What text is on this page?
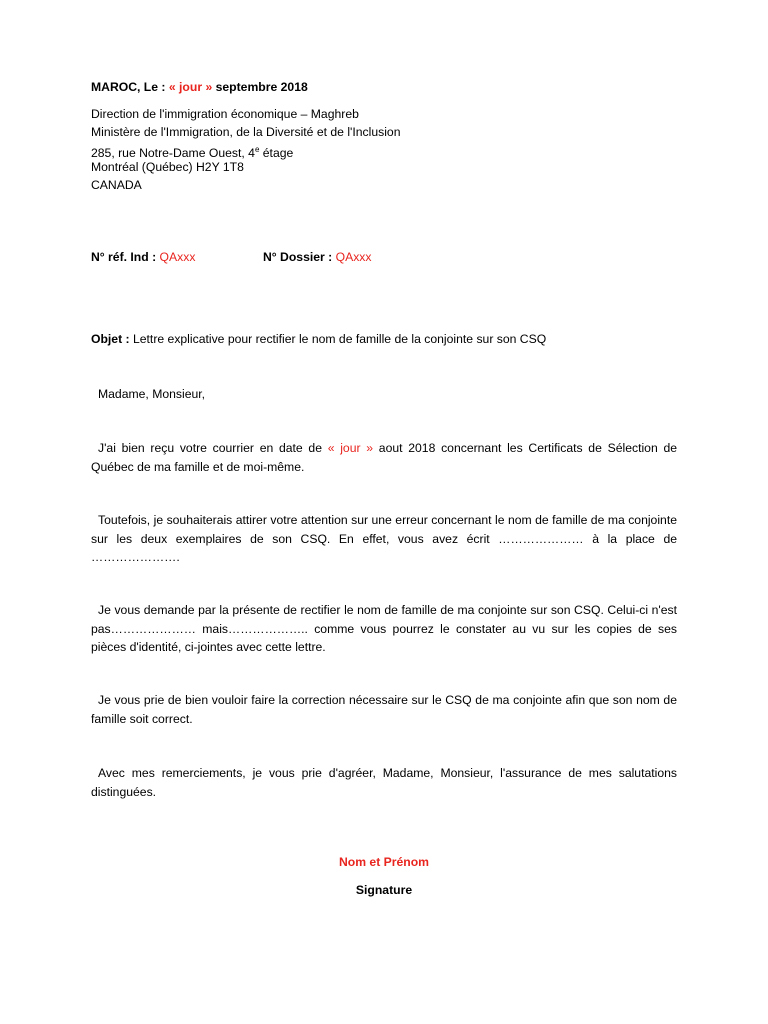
MAROC, Le : « jour » septembre 2018
Direction de l'immigration économique – Maghreb
Ministère de l'Immigration, de la Diversité et de l'Inclusion
285, rue Notre-Dame Ouest, 4e étage
Montréal (Québec) H2Y 1T8
CANADA
N° réf. Ind : QAxxx	N° Dossier : QAxxx
Objet : Lettre explicative pour rectifier le nom de famille de la conjointe sur son CSQ
Madame, Monsieur,
J'ai bien reçu votre courrier en date de « jour » aout 2018 concernant les Certificats de Sélection de Québec de ma famille et de moi-même.
Toutefois, je souhaiterais attirer votre attention sur une erreur concernant le nom de famille de ma conjointe sur les deux exemplaires de son CSQ. En effet, vous avez écrit ………………… à la place de ………………….
Je vous demande par la présente de rectifier le nom de famille de ma conjointe sur son CSQ. Celui-ci n'est pas………………… mais……………….. comme vous pourrez le constater au vu sur les copies de ses pièces d'identité, ci-jointes avec cette lettre.
Je vous prie de bien vouloir faire la correction nécessaire sur le CSQ de ma conjointe afin que son nom de famille soit correct.
Avec mes remerciements, je vous prie d'agréer, Madame, Monsieur, l'assurance de mes salutations distinguées.
Nom et Prénom
Signature
